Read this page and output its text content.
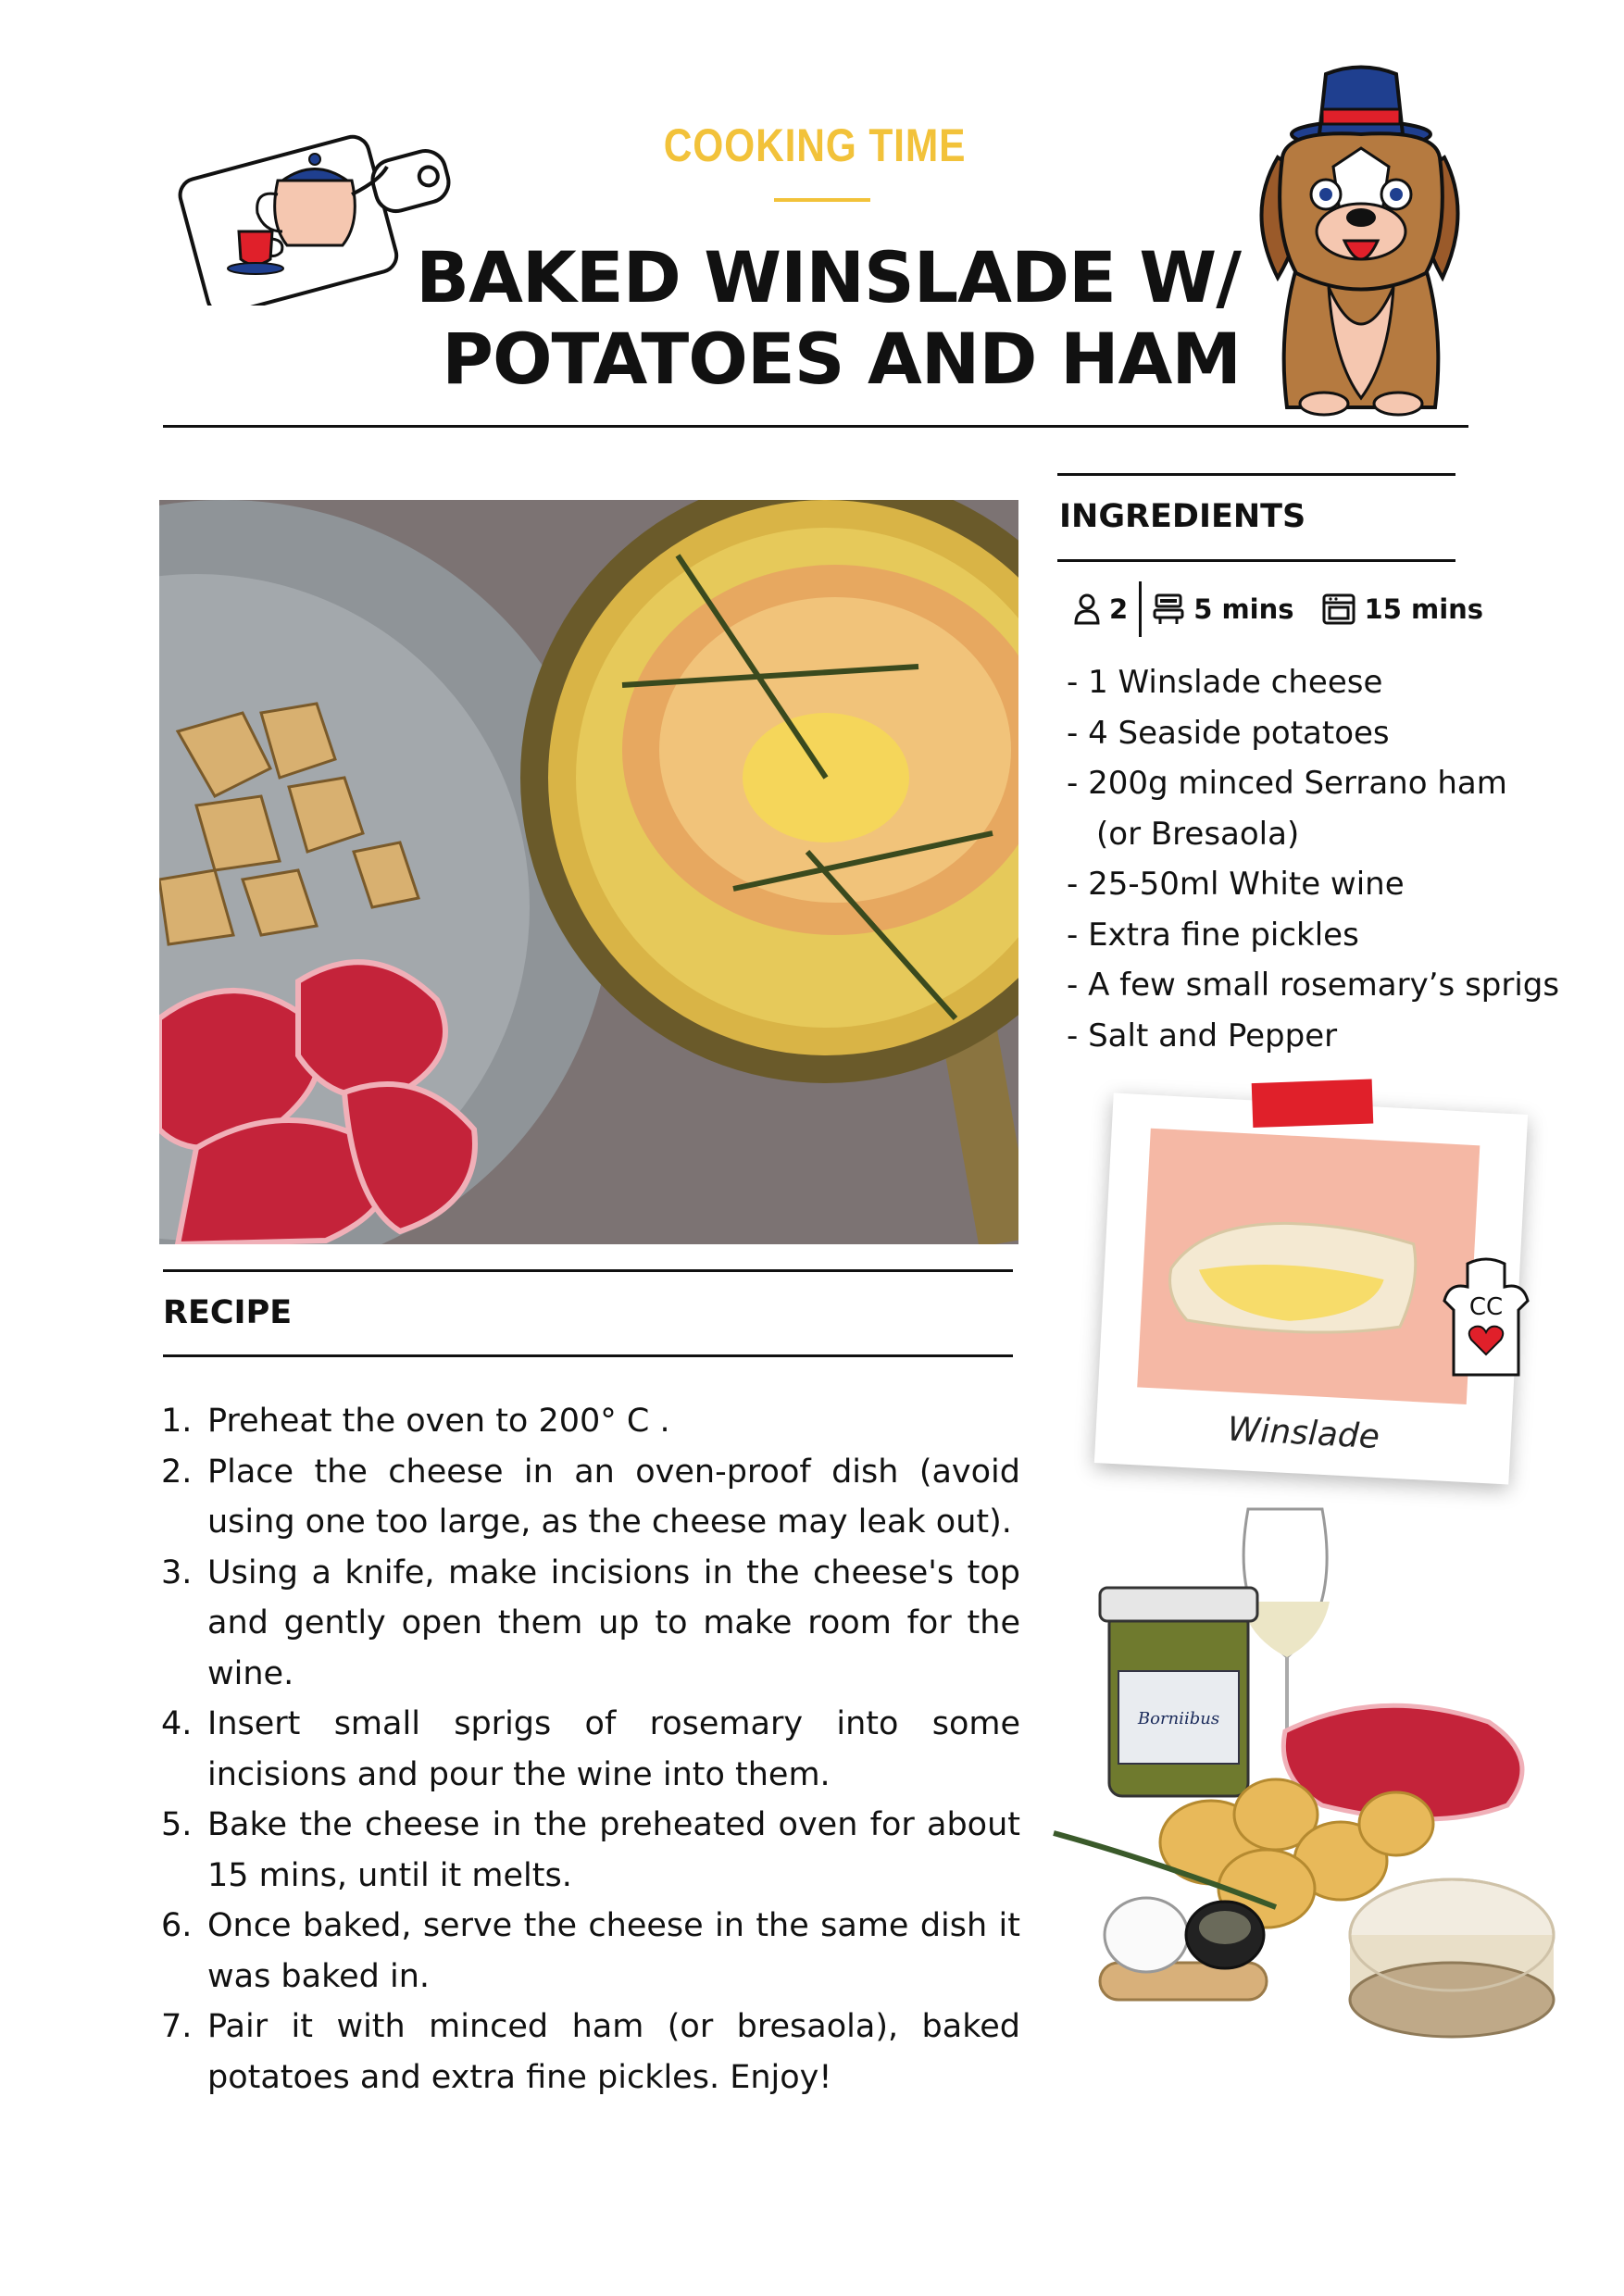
COOKING TIME
BAKED WINSLADE W/
POTATOES AND HAM
INGREDIENTS
2 5 mins	15 mins
- 1 Winslade cheese
- 4 Seaside potatoes
- 200g minced Serrano ham
(or Bresaola)
- 25-50ml White wine
- Extra fine pickles
- A few small rosemary’s sprigs
- Salt and Pepper
Winslade
CC
Borniibus
RECIPE
1. Preheat the oven to 200° C .
2. Place the cheese in an oven-proof dish (avoid using one too large, as the cheese may leak out).
3. Using a knife, make incisions in the cheese's top and gently open them up to make room for the wine.
4. Insert small sprigs of rosemary into some incisions and pour the wine into them.
5. Bake the cheese in the preheated oven for about 15 mins, until it melts.
6. Once baked, serve the cheese in the same dish it was baked in.
7. Pair it with minced ham (or bresaola), baked potatoes and extra fine pickles. Enjoy!
